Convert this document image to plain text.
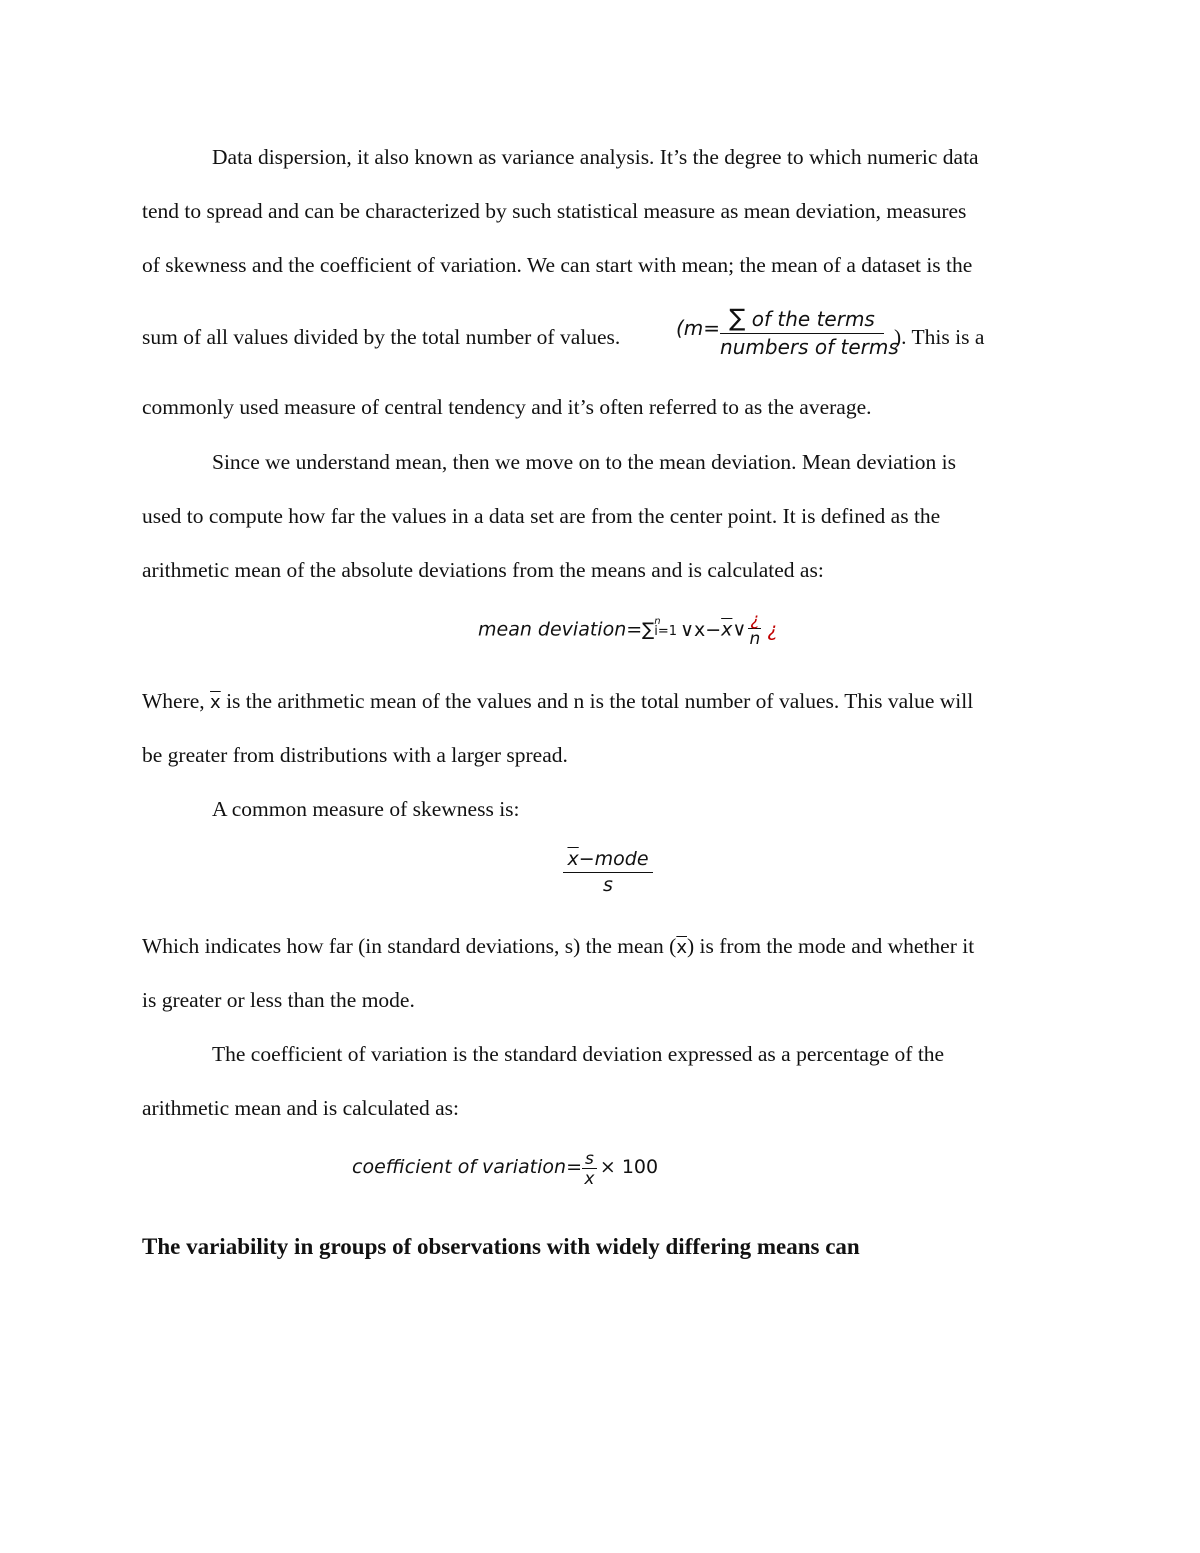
Data dispersion, it also known as variance analysis. It’s the degree to which numeric data
tend to spread and can be characterized by such statistical measure as mean deviation, measures
of skewness and the coefficient of variation. We can start with mean; the mean of a dataset is the
sum of all values divided by the total number of values.	($m= \frac{\text{∑ of the terms}}{\text{numbers of terms}}$
). This is a
commonly used measure of central tendency and it’s often referred to as the average.
Since we understand mean, then we move on to the mean deviation. Mean deviation is
used to compute how far the values in a data set are from the center point. It is defined as the
arithmetic mean of the absolute deviations from the means and is calculated as:
mean deviation=∑ n
i=1 $\vee x-\overline{x}\vee \frac{¿}{n}$ ¿
Where, $\overline{x}$ is the arithmetic mean of the values and n is the total number of values. This value will
be greater from distributions with a larger spread.
A common measure of skewness is:
$\frac{\overline{x}-mode}{s}$
Which indicates how far (in standard deviations, s) the mean $(\overline{x})$ is from the mode and whether it
is greater or less than the mode.
The coefficient of variation is the standard deviation expressed as a percentage of the
arithmetic mean and is calculated as:
coefficient of variation= $\frac{s}{x} \times 100$
The variability in groups of observations with widely differing means can
